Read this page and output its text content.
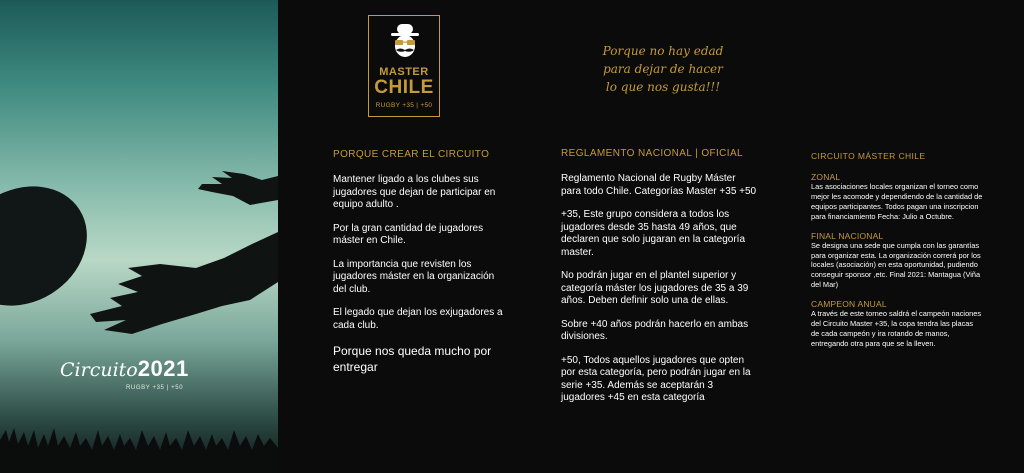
Circuito2021
RUGBY +35 | +50
MASTER
CHILE
RUGBY +35 | +50
Porque no hay edad
para dejar de hacer
lo que nos gusta!!!
PORQUE CREAR EL CIRCUITO

Mantener ligado a los clubes sus jugadores que dejan de participar en equipo adulto .

Por la gran cantidad de jugadores máster en Chile.

La importancia que revisten los jugadores máster en la organización del club.

El legado que dejan los exjugadores a cada club.

Porque nos queda mucho por entregar

REGLAMENTO NACIONAL | OFICIAL

Reglamento Nacional de Rugby Máster para todo Chile. Categorías Master +35 +50

+35, Este grupo considera a todos los jugadores desde 35 hasta 49 años, que declaren que solo jugaran en la categoría master.

No podrán jugar en el plantel superior y categoría máster los jugadores de 35 a 39 años. Deben definir solo una de ellas.

Sobre +40 años podrán hacerlo en ambas divisiones.

+50, Todos aquellos jugadores que opten por esta categoría, pero podrán jugar en la serie +35. Además se aceptarán 3 jugadores +45 en esta categoría

CIRCUITO MÁSTER CHILE
ZONAL

Las asociaciones locales organizan el torneo como mejor les acomode y dependiendo de la cantidad de equipos participantes. Todos pagan una inscripcion para financiamiento Fecha: Julio a Octubre.

FINAL NACIONAL

Se designa una sede que cumpla con las garantías para organizar esta. La organización correrá por los locales (asociación) en esta oportunidad, pudiendo conseguir sponsor ,etc. Final 2021: Mantagua (Viña del Mar)

CAMPEON ANUAL

A través de este torneo saldrá el campeón naciones del Circuito Master +35, la copa tendra las placas de cada campeón y ira rotando de manos, entregando otra para que se la lleven.
